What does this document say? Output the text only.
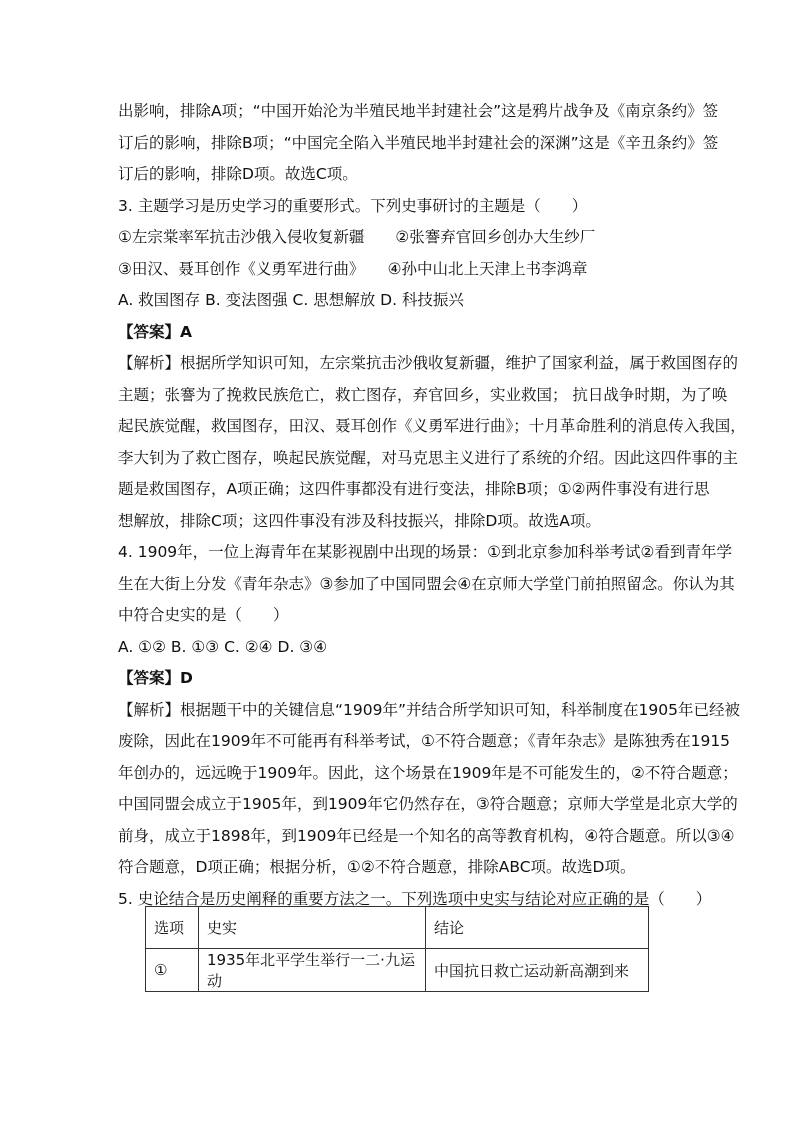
出影响，排除A项；“中国开始沦为半殖民地半封建社会”这是鸦片战争及《南京条约》签
订后的影响，排除B项；“中国完全陷入半殖民地半封建社会的深渊”这是《辛丑条约》签
订后的影响，排除D项。故选C项。
3. 主题学习是历史学习的重要形式。下列史事研讨的主题是（　　）
①左宗棠率军抗击沙俄入侵收复新疆　　②张謇弃官回乡创办大生纱厂
③田汉、聂耳创作《义勇军进行曲》　　④孙中山北上天津上书李鸿章
A. 救国图存 B. 变法图强 C. 思想解放 D. 科技振兴
【答案】A
【解析】根据所学知识可知，左宗棠抗击沙俄收复新疆，维护了国家利益，属于救国图存的
主题；张謇为了挽救民族危亡，救亡图存，弃官回乡，实业救国； 抗日战争时期，为了唤
起民族觉醒，救国图存，田汉、聂耳创作《义勇军进行曲》；十月革命胜利的消息传入我国，
李大钊为了救亡图存，唤起民族觉醒，对马克思主义进行了系统的介绍。因此这四件事的主
题是救国图存，A项正确；这四件事都没有进行变法，排除B项；①②两件事没有进行思
想解放，排除C项；这四件事没有涉及科技振兴，排除D项。故选A项。
4. 1909年，一位上海青年在某影视剧中出现的场景：①到北京参加科举考试②看到青年学
生在大街上分发《青年杂志》③参加了中国同盟会④在京师大学堂门前拍照留念。你认为其
中符合史实的是（　　）
A. ①② B. ①③ C. ②④ D. ③④
【答案】D
【解析】根据题干中的关键信息“1909年”并结合所学知识可知，科举制度在1905年已经被
废除，因此在1909年不可能再有科举考试，①不符合题意；《青年杂志》是陈独秀在1915
年创办的，远远晚于1909年。因此，这个场景在1909年是不可能发生的，②不符合题意；
中国同盟会成立于1905年，到1909年它仍然存在，③符合题意；京师大学堂是北京大学的
前身，成立于1898年，到1909年已经是一个知名的高等教育机构，④符合题意。所以③④
符合题意，D项正确；根据分析，①②不符合题意，排除ABC项。故选D项。
5. 史论结合是历史阐释的重要方法之一。下列选项中史实与结论对应正确的是（　　）
选项	史实	结论
①	1935年北平学生举行一二·九运动	中国抗日救亡运动新高潮到来
